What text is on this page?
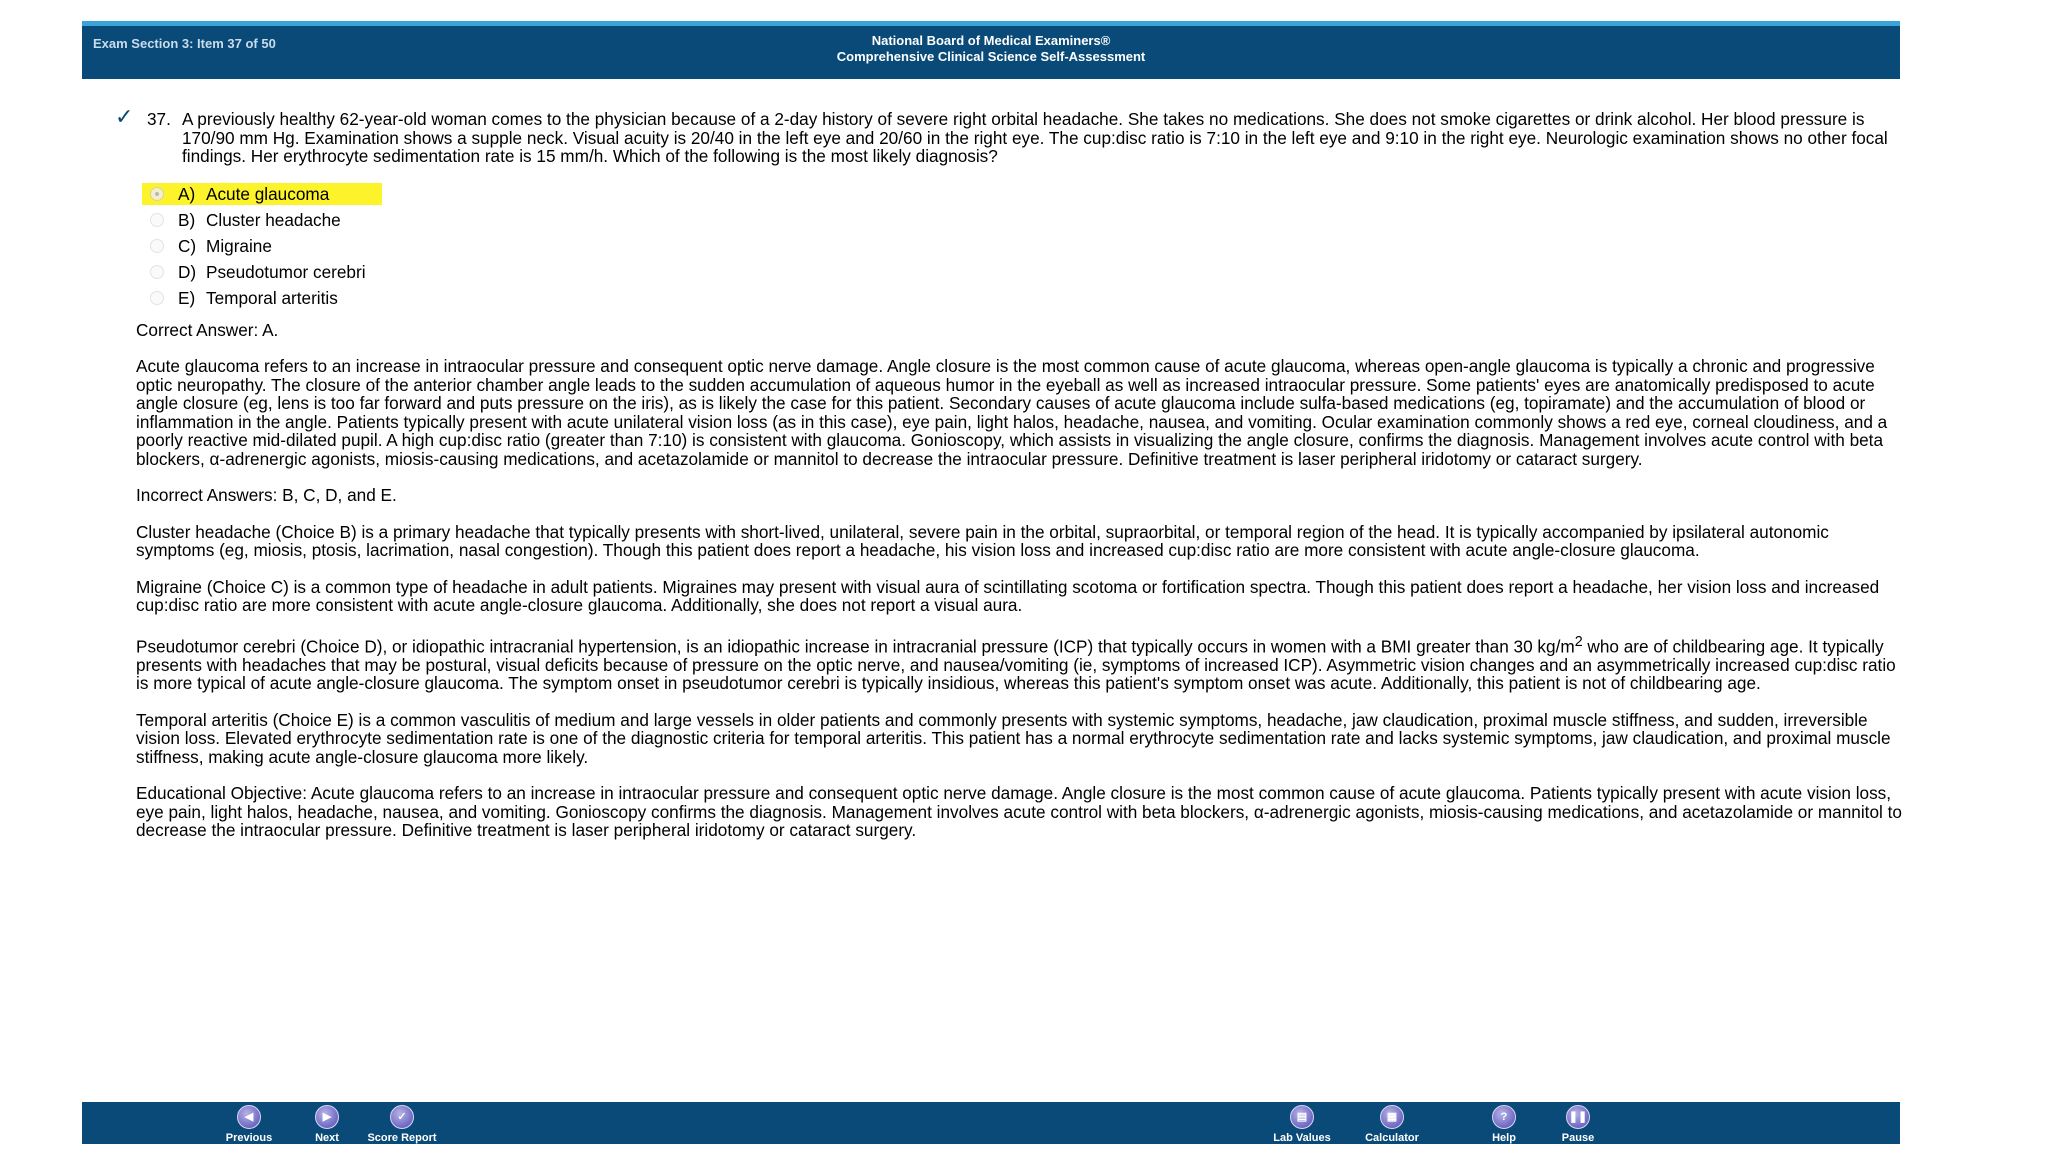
Exam Section 3: Item 37 of 50	National Board of Medical Examiners®
Comprehensive Clinical Science Self-Assessment
✓ 37. A previously healthy 62-year-old woman comes to the physician because of a 2-day history of severe right orbital headache. She takes no medications. She does not smoke cigarettes or drink alcohol. Her blood pressure is 170/90 mm Hg. Examination shows a supple neck. Visual acuity is 20/40 in the left eye and 20/60 in the right eye. The cup:disc ratio is 7:10 in the left eye and 9:10 in the right eye. Neurologic examination shows no other focal findings. Her erythrocyte sedimentation rate is 15 mm/h. Which of the following is the most likely diagnosis?
A) Acute glaucoma
B) Cluster headache
C) Migraine
D) Pseudotumor cerebri
E) Temporal arteritis

Correct Answer: A.

Acute glaucoma refers to an increase in intraocular pressure and consequent optic nerve damage. Angle closure is the most common cause of acute glaucoma, whereas open-angle glaucoma is typically a chronic and progressive optic neuropathy. The closure of the anterior chamber angle leads to the sudden accumulation of aqueous humor in the eyeball as well as increased intraocular pressure. Some patients' eyes are anatomically predisposed to acute angle closure (eg, lens is too far forward and puts pressure on the iris), as is likely the case for this patient. Secondary causes of acute glaucoma include sulfa-based medications (eg, topiramate) and the accumulation of blood or inflammation in the angle. Patients typically present with acute unilateral vision loss (as in this case), eye pain, light halos, headache, nausea, and vomiting. Ocular examination commonly shows a red eye, corneal cloudiness, and a poorly reactive mid-dilated pupil. A high cup:disc ratio (greater than 7:10) is consistent with glaucoma. Gonioscopy, which assists in visualizing the angle closure, confirms the diagnosis. Management involves acute control with beta blockers, α-adrenergic agonists, miosis-causing medications, and acetazolamide or mannitol to decrease the intraocular pressure. Definitive treatment is laser peripheral iridotomy or cataract surgery.

Incorrect Answers: B, C, D, and E.

Cluster headache (Choice B) is a primary headache that typically presents with short-lived, unilateral, severe pain in the orbital, supraorbital, or temporal region of the head. It is typically accompanied by ipsilateral autonomic symptoms (eg, miosis, ptosis, lacrimation, nasal congestion). Though this patient does report a headache, his vision loss and increased cup:disc ratio are more consistent with acute angle-closure glaucoma.

Migraine (Choice C) is a common type of headache in adult patients. Migraines may present with visual aura of scintillating scotoma or fortification spectra. Though this patient does report a headache, her vision loss and increased cup:disc ratio are more consistent with acute angle-closure glaucoma. Additionally, she does not report a visual aura.

Pseudotumor cerebri (Choice D), or idiopathic intracranial hypertension, is an idiopathic increase in intracranial pressure (ICP) that typically occurs in women with a BMI greater than 30 $kg/m^2$ who are of childbearing age. It typically presents with headaches that may be postural, visual deficits because of pressure on the optic nerve, and nausea/vomiting (ie, symptoms of increased ICP). Asymmetric vision changes and an asymmetrically increased cup:disc ratio is more typical of acute angle-closure glaucoma. The symptom onset in pseudotumor cerebri is typically insidious, whereas this patient's symptom onset was acute. Additionally, this patient is not of childbearing age.

Temporal arteritis (Choice E) is a common vasculitis of medium and large vessels in older patients and commonly presents with systemic symptoms, headache, jaw claudication, proximal muscle stiffness, and sudden, irreversible vision loss. Elevated erythrocyte sedimentation rate is one of the diagnostic criteria for temporal arteritis. This patient has a normal erythrocyte sedimentation rate and lacks systemic symptoms, jaw claudication, and proximal muscle stiffness, making acute angle-closure glaucoma more likely.

Educational Objective: Acute glaucoma refers to an increase in intraocular pressure and consequent optic nerve damage. Angle closure is the most common cause of acute glaucoma. Patients typically present with acute vision loss, eye pain, light halos, headache, nausea, and vomiting. Gonioscopy confirms the diagnosis. Management involves acute control with beta blockers, α-adrenergic agonists, miosis-causing medications, and acetazolamide or mannitol to decrease the intraocular pressure. Definitive treatment is laser peripheral iridotomy or cataract surgery.

◀
Previous
▶
Next
✓
Score Report
▤
Lab Values
▦
Calculator
?
Help
❚❚
Pause
